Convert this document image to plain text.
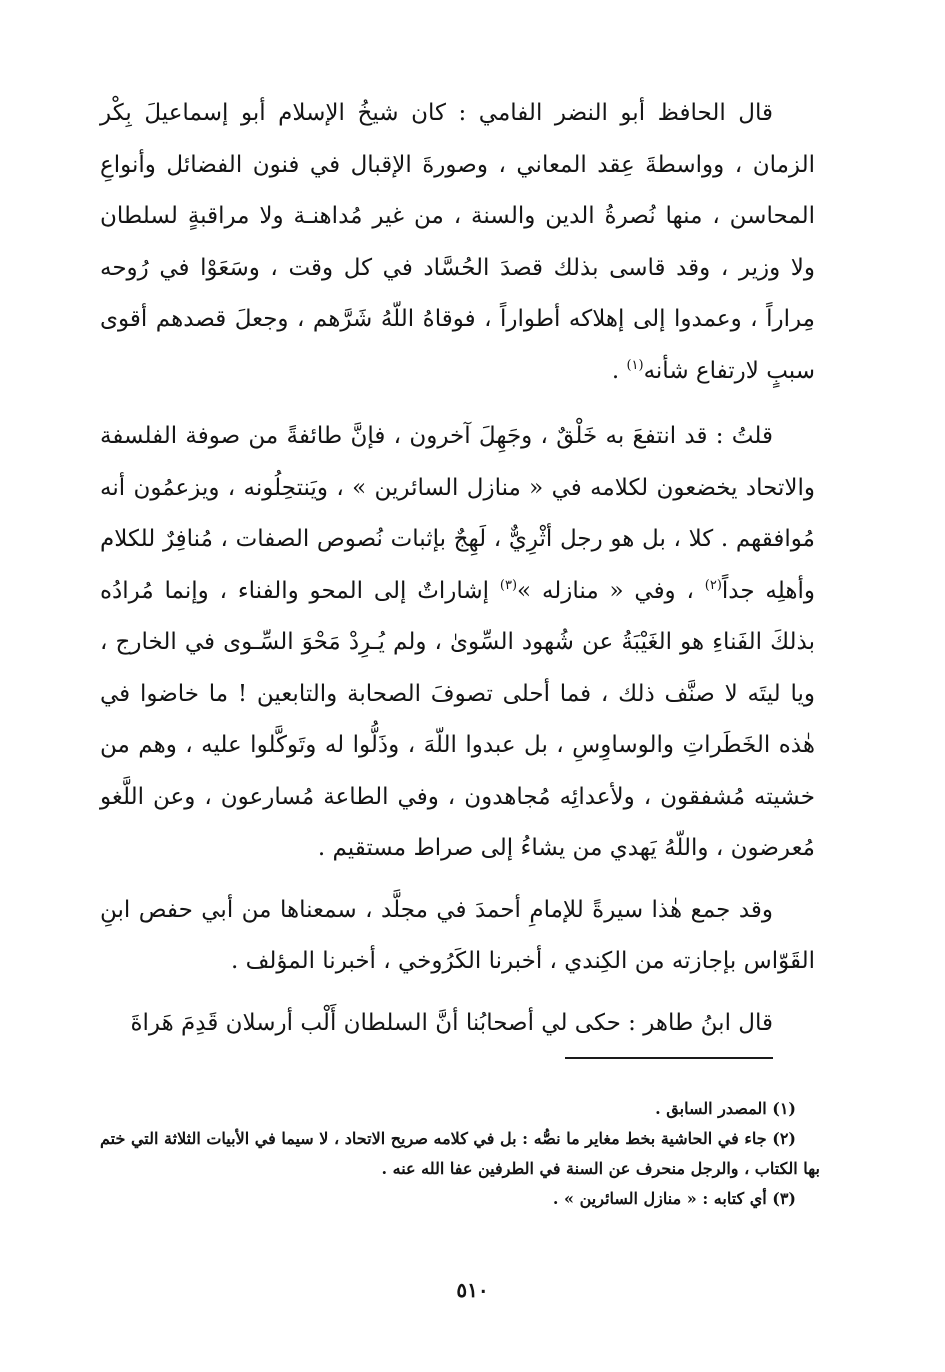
قال الحافظ أبو النضر الفامي : كان شيخُ الإسلام أبو إسماعيلَ بِكْر الزمان ، وواسطةَ عِقد المعاني ، وصورةَ الإقبال في فنون الفضائل وأنواعِ المحاسن ، منها نُصرةُ الدين والسنة ، من غير مُداهنـة ولا مراقبةٍ لسلطان ولا وزير ، وقد قاسى بذلك قصدَ الحُسَّاد في كل وقت ، وسَعَوْا في رُوحه مِراراً ، وعمدوا إلى إهلاكه أطواراً ، فوقاهُ اللّهُ شَرَّهم ، وجعلَ قصدهم أقوى سببٍ لارتفاع شأنه$^{(١)}$ .

قلتُ : قد انتفعَ به خَلْقٌ ، وجَهِلَ آخرون ، فإنَّ طائفةً من صوفة الفلسفة والاتحاد يخضعون لكلامه في « منازل السائرين » ، ويَنتحِلُونه ، ويزعمُون أنه مُوافقهم . كلا ، بل هو رجل أثْرِيٌّ ، لَهِجٌ بإثبات نُصوص الصفات ، مُنافِرٌ للكلام وأهلِه جداً$^{(٢)}$ ، وفي « منازله »$^{(٣)}$ إشاراتٌ إلى المحو والفناء ، وإنما مُرادُه بذلكَ الفَناءِ هو الغَيْبَةُ عن شُهود السِّوىٰ ، ولم يُـرِدْ مَحْوَ السِّـوى في الخارج ، ويا ليتَه لا صنَّف ذلك ، فما أحلى تصوفَ الصحابة والتابعين ! ما خاضوا في هٰذه الخَطَراتِ والوساوِسِ ، بل عبدوا اللّهَ ، وذَلُّوا له وتَوكَّلوا عليه ، وهم من خشيته مُشفقون ، ولأعدائِه مُجاهدون ، وفي الطاعة مُسارعون ، وعن اللَّغو مُعرضون ، واللّهُ يَهدي من يشاءُ إلى صراط مستقيم .

وقد جمع هٰذا سيرةً للإمامِ أحمدَ في مجلَّد ، سمعناها من أبي حفص ابنِ القَوّاس بإجازته من الكِندي ، أخبرنا الكَرُوخي ، أخبرنا المؤلف .

قال ابنُ طاهر : حكى لي أصحابُنا أنَّ السلطان أَلْب أرسلان قَدِمَ هَراةَ

(١) المصدر السابق .

(٢) جاء في الحاشية بخط مغاير ما نصُّه : بل في كلامه صريح الاتحاد ، لا سيما في الأبيات الثلاثة التي ختم بها الكتاب ، والرجل منحرف عن السنة في الطرفين عفا الله عنه .

(٣) أي كتابه : « منازل السائرين » .

٥١٠
